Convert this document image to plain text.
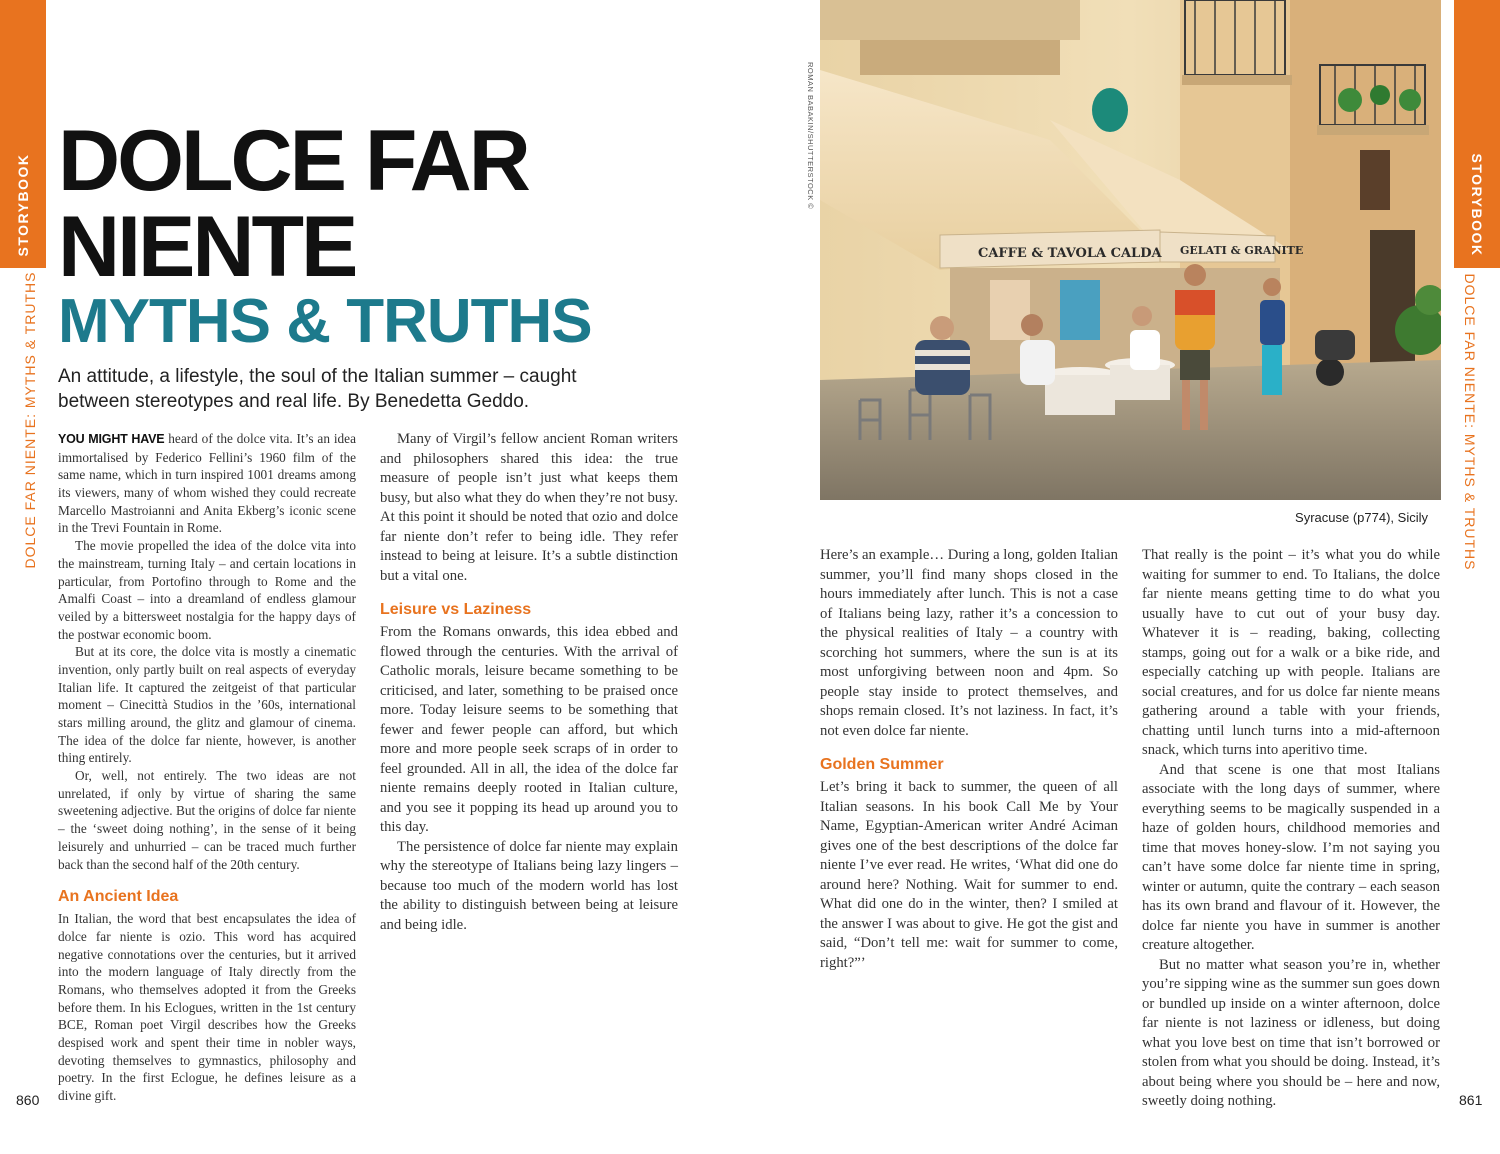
STORYBOOK
DOLCE FAR NIENTE: MYTHS & TRUTHS
DOLCE FAR
NIENTE
MYTHS & TRUTHS

An attitude, a lifestyle, the soul of the Italian summer – caught between stereotypes and real life. By Benedetta Geddo.

YOU MIGHT HAVE heard of the dolce vita. It’s an idea immortalised by Federico Fellini’s 1960 film of the same name, which in turn inspired 1001 dreams among its viewers, many of whom wished they could recreate Marcello Mastroianni and Anita Ekberg’s iconic scene in the Trevi Fountain in Rome.

The movie propelled the idea of the dolce vita into the mainstream, turning Italy – and certain locations in particular, from Portofino through to Rome and the Amalfi Coast – into a dreamland of endless glamour veiled by a bittersweet nostalgia for the happy days of the postwar economic boom.

But at its core, the dolce vita is mostly a cinematic invention, only partly built on real aspects of everyday Italian life. It captured the zeitgeist of that particular moment – Cinecittà Studios in the ’60s, international stars milling around, the glitz and glamour of cinema. The idea of the dolce far niente, however, is another thing entirely.

Or, well, not entirely. The two ideas are not unrelated, if only by virtue of sharing the same sweetening adjective. But the origins of dolce far niente – the ‘sweet doing nothing’, in the sense of it being leisurely and unhurried – can be traced much further back than the second half of the 20th century.

An Ancient Idea

In Italian, the word that best encapsulates the idea of dolce far niente is ozio. This word has acquired negative connotations over the centuries, but it arrived into the modern language of Italy directly from the Romans, who themselves adopted it from the Greeks before them. In his Eclogues, written in the 1st century BCE, Roman poet Virgil describes how the Greeks despised work and spent their time in nobler ways, devoting themselves to gymnastics, philosophy and poetry. In the first Eclogue, he defines leisure as a divine gift.

Many of Virgil’s fellow ancient Roman writers and philosophers shared this idea: the true measure of people isn’t just what keeps them busy, but also what they do when they’re not busy. At this point it should be noted that ozio and dolce far niente don’t refer to being idle. They refer instead to being at leisure. It’s a subtle distinction but a vital one.

Leisure vs Laziness

From the Romans onwards, this idea ebbed and flowed through the centuries. With the arrival of Catholic morals, leisure became something to be criticised, and later, something to be praised once more. Today leisure seems to be something that fewer and fewer people can afford, but which more and more people seek scraps of in order to feel grounded. All in all, the idea of the dolce far niente remains deeply rooted in Italian culture, and you see it popping its head up around you to this day.

The persistence of dolce far niente may explain why the stereotype of Italians being lazy lingers – because too much of the modern world has lost the ability to distinguish between being at leisure and being idle.

860
ROMAN BABAKIN/SHUTTERSTOCK ©
CAFFE & TAVOLA CALDA GELATI & GRANITE
Syracuse (p774), Sicily

Here’s an example… During a long, golden Italian summer, you’ll find many shops closed in the hours immediately after lunch. This is not a case of Italians being lazy, rather it’s a concession to the physical realities of Italy – a country with scorching hot summers, where the sun is at its most unforgiving between noon and 4pm. So people stay inside to protect themselves, and shops remain closed. It’s not laziness. In fact, it’s not even dolce far niente.

Golden Summer

Let’s bring it back to summer, the queen of all Italian seasons. In his book Call Me by Your Name, Egyptian-American writer André Aciman gives one of the best descriptions of the dolce far niente I’ve ever read. He writes, ‘What did one do around here? Nothing. Wait for summer to end. What did one do in the winter, then? I smiled at the answer I was about to give. He got the gist and said, “Don’t tell me: wait for summer to come, right?”’

That really is the point – it’s what you do while waiting for summer to end. To Italians, the dolce far niente means getting time to do what you usually have to cut out of your busy day. Whatever it is – reading, baking, collecting stamps, going out for a walk or a bike ride, and especially catching up with people. Italians are social creatures, and for us dolce far niente means gathering around a table with your friends, chatting until lunch turns into a mid-afternoon snack, which turns into aperitivo time.

And that scene is one that most Italians associate with the long days of summer, where everything seems to be magically suspended in a haze of golden hours, childhood memories and time that moves honey-slow. I’m not saying you can’t have some dolce far niente time in spring, winter or autumn, quite the contrary – each season has its own brand and flavour of it. However, the dolce far niente you have in summer is another creature altogether.

But no matter what season you’re in, whether you’re sipping wine as the summer sun goes down or bundled up inside on a winter afternoon, dolce far niente is not laziness or idleness, but doing what you love best on time that isn’t borrowed or stolen from what you should be doing. Instead, it’s about being where you should be – here and now, sweetly doing nothing.

STORYBOOK
DOLCE FAR NIENTE: MYTHS & TRUTHS
861
